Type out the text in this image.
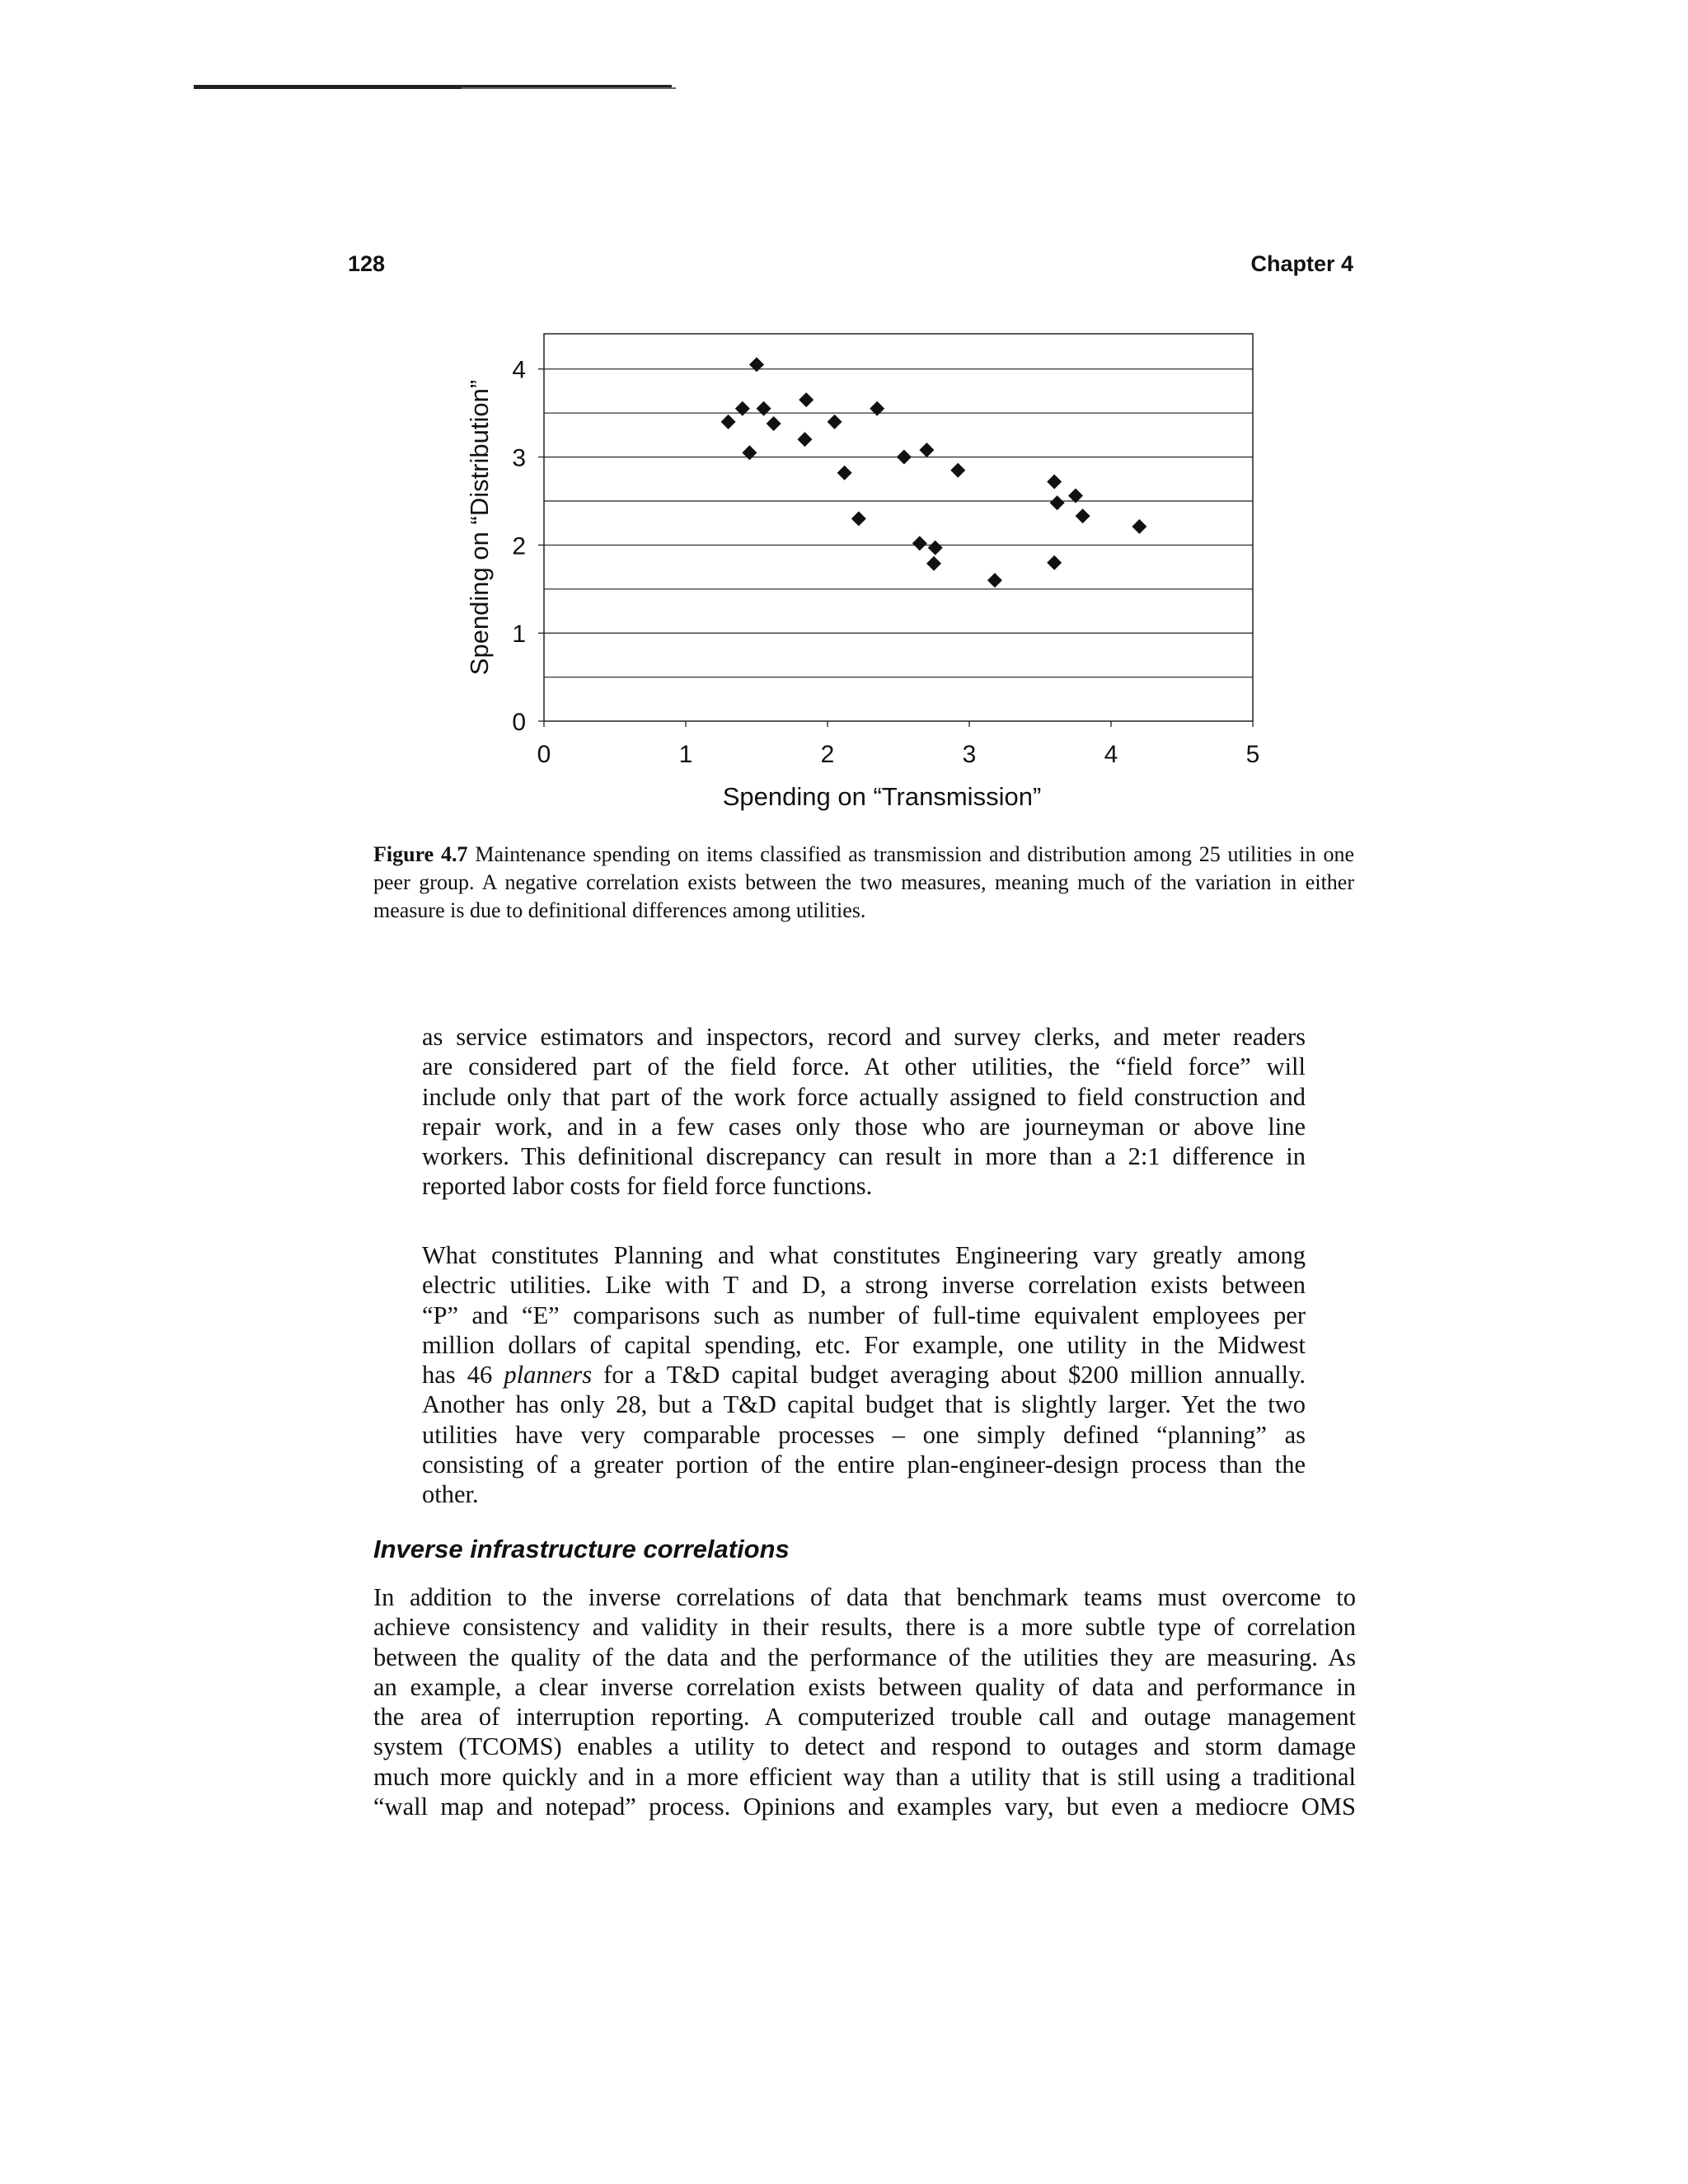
128	Chapter 4
0	1	2	3	4	5
0
1
2
3
4
Spending on “Transmission”
Spending on “Distribution”
Figure 4.7 Maintenance spending on items classified as transmission and distribution among 25 utilities in one peer group. A negative correlation exists between the two measures, meaning much of the variation in either measure is due to definitional differences among utilities.
as service estimators and inspectors, record and survey clerks, and meter readers
are considered part of the field force. At other utilities, the “field force” will
include only that part of the work force actually assigned to field construction and
repair work, and in a few cases only those who are journeyman or above line
workers. This definitional discrepancy can result in more than a 2:1 difference in
reported labor costs for field force functions.
What constitutes Planning and what constitutes Engineering vary greatly among
electric utilities. Like with T and D, a strong inverse correlation exists between
“P” and “E” comparisons such as number of full-time equivalent employees per
million dollars of capital spending, etc. For example, one utility in the Midwest
has 46 planners for a T&D capital budget averaging about $200 million annually.
Another has only 28, but a T&D capital budget that is slightly larger. Yet the two
utilities have very comparable processes – one simply defined “planning” as
consisting of a greater portion of the entire plan-engineer-design process than the
other.
Inverse infrastructure correlations
In addition to the inverse correlations of data that benchmark teams must overcome to
achieve consistency and validity in their results, there is a more subtle type of correlation
between the quality of the data and the performance of the utilities they are measuring. As
an example, a clear inverse correlation exists between quality of data and performance in
the area of interruption reporting. A computerized trouble call and outage management
system (TCOMS) enables a utility to detect and respond to outages and storm damage
much more quickly and in a more efficient way than a utility that is still using a traditional
“wall map and notepad” process. Opinions and examples vary, but even a mediocre OMS
